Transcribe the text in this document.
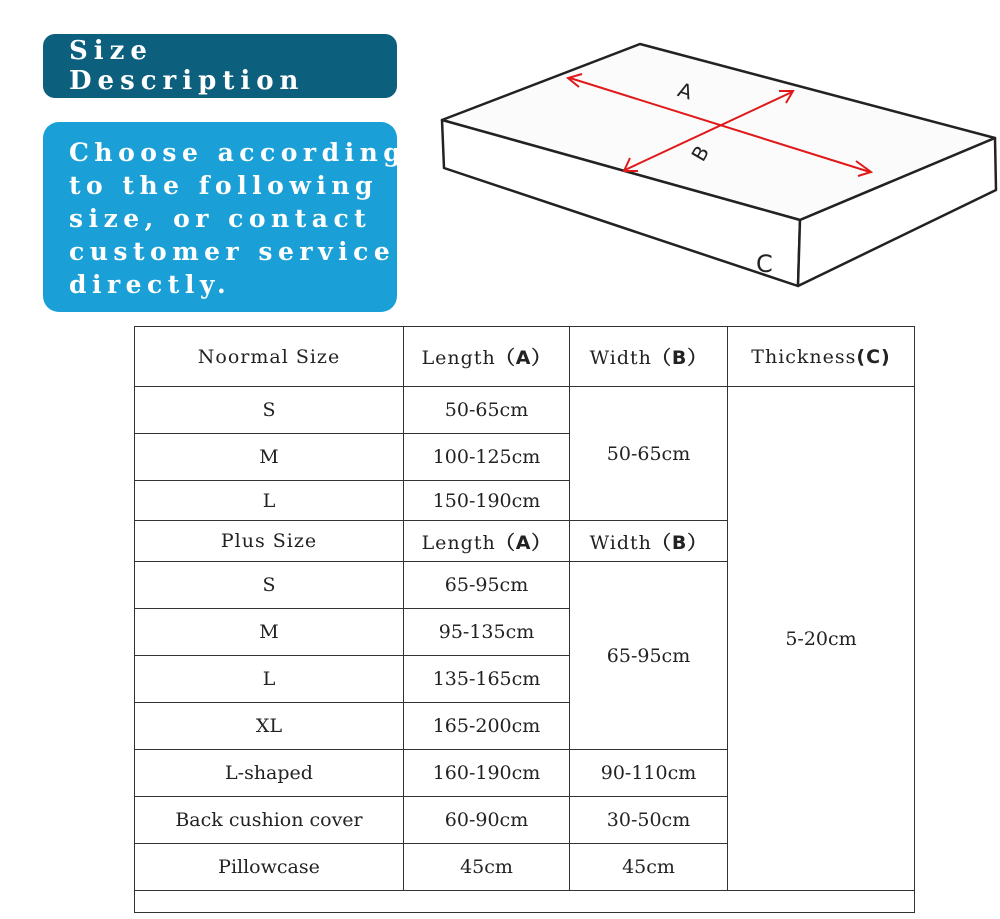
Size Description
Choose according
to the following
size, or contact
customer service
directly.
A
B
C
Noormal Size	Length（A）	Width（B）	Thickness(C)
S	50-65cm	50-65cm	5-20cm
M	100-125cm		
L	150-190cm		
Plus Size	Length（A）	Width（B）	
S	65-95cm	65-95cm	
M	95-135cm		
L	135-165cm		
XL	165-200cm		
L-shaped	160-190cm	90-110cm	
Back cushion cover	60-90cm	30-50cm	
Pillowcase	45cm	45cm	
